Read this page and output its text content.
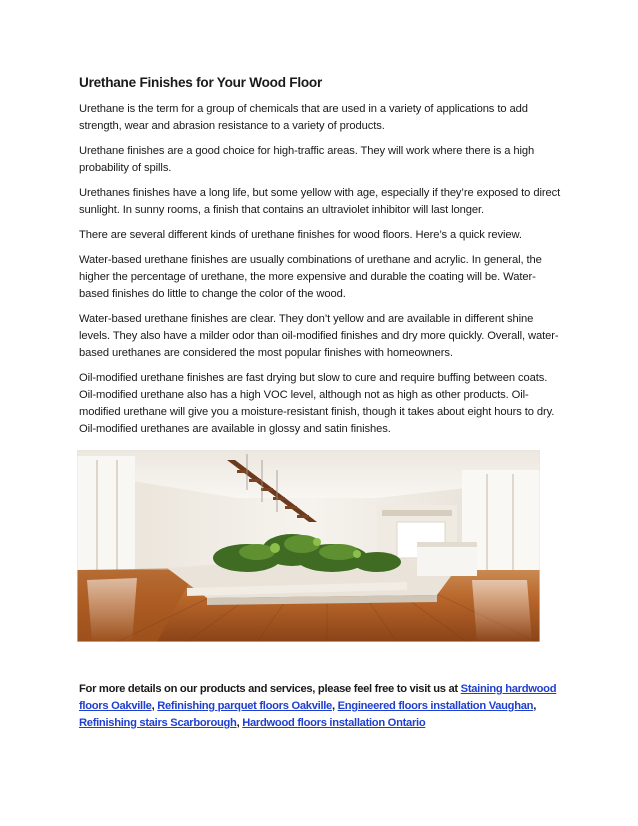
Urethane Finishes for Your Wood Floor

Urethane is the term for a group of chemicals that are used in a variety of applications to add strength, wear and abrasion resistance to a variety of products.

Urethane finishes are a good choice for high-traffic areas. They will work where there is a high probability of spills.

Urethanes finishes have a long life, but some yellow with age, especially if they’re exposed to direct sunlight. In sunny rooms, a finish that contains an ultraviolet inhibitor will last longer.

There are several different kinds of urethane finishes for wood floors. Here’s a quick review.

Water-based urethane finishes are usually combinations of urethane and acrylic. In general, the higher the percentage of urethane, the more expensive and durable the coating will be. Water-based finishes do little to change the color of the wood.

Water-based urethane finishes are clear. They don’t yellow and are available in different shine levels. They also have a milder odor than oil-modified finishes and dry more quickly. Overall, water-based urethanes are considered the most popular finishes with homeowners.

Oil-modified urethane finishes are fast drying but slow to cure and require buffing between coats. Oil-modified urethane also has a high VOC level, although not as high as other products. Oil-modified urethane will give you a moisture-resistant finish, though it takes about eight hours to dry. Oil-modified urethanes are available in glossy and satin finishes.

For more details on our products and services, please feel free to visit us at Staining hardwood floors Oakville, Refinishing parquet floors Oakville, Engineered floors installation Vaughan, Refinishing stairs Scarborough, Hardwood floors installation Ontario
